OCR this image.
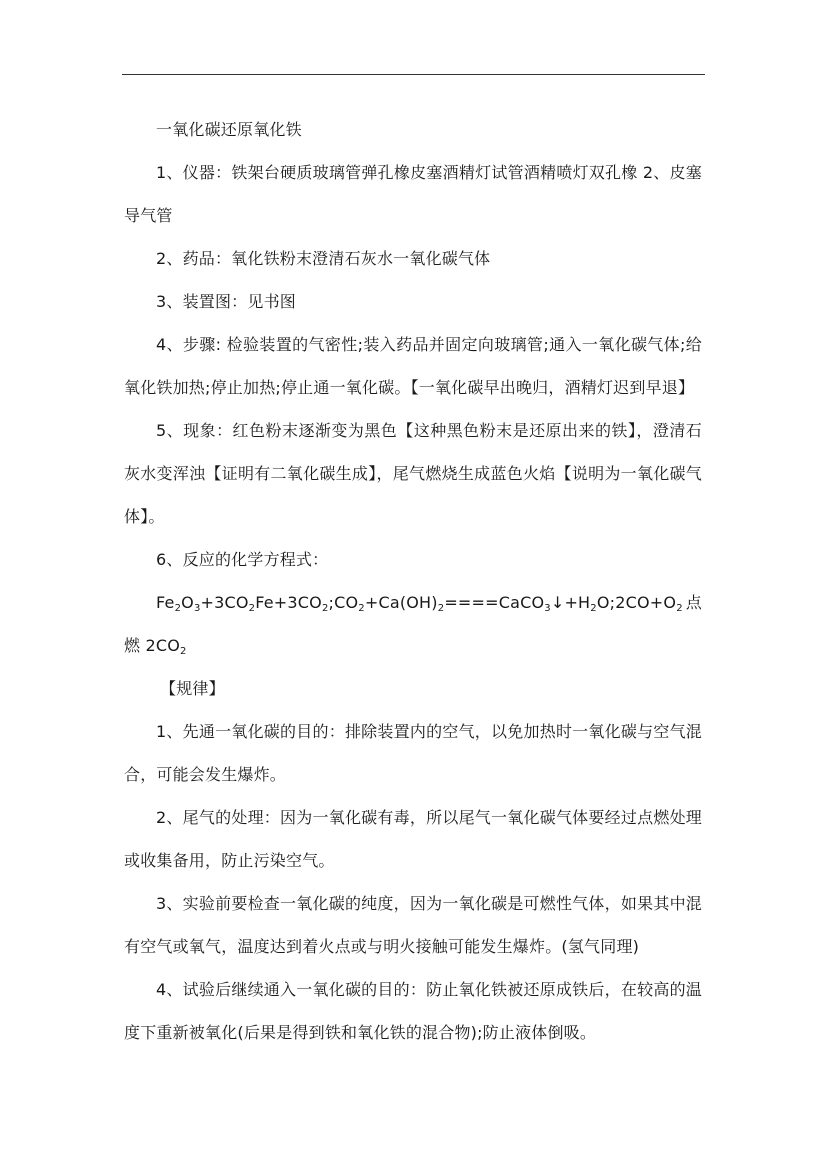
一氧化碳还原氧化铁

1、仪器：铁架台硬质玻璃管弹孔橡皮塞酒精灯试管酒精喷灯双孔橡 2、皮塞导气管

2、药品：氧化铁粉末澄清石灰水一氧化碳气体

3、装置图：见书图

4、步骤: 检验装置的气密性;装入药品并固定向玻璃管;通入一氧化碳气体;给氧化铁加热;停止加热;停止通一氧化碳。【一氧化碳早出晚归，酒精灯迟到早退】

5、现象：红色粉末逐渐变为黑色【这种黑色粉末是还原出来的铁】，澄清石灰水变浑浊【证明有二氧化碳生成】，尾气燃烧生成蓝色火焰【说明为一氧化碳气体】。

6、反应的化学方程式：

$Fe_2O_3+3CO_2Fe+3CO_2;CO_2+Ca(OH)_2====CaCO_3↓+H_2O;2CO+O_2$点燃 $2CO_2$

【规律】

1、先通一氧化碳的目的：排除装置内的空气，以免加热时一氧化碳与空气混合，可能会发生爆炸。

2、尾气的处理：因为一氧化碳有毒，所以尾气一氧化碳气体要经过点燃处理或收集备用，防止污染空气。

3、实验前要检查一氧化碳的纯度，因为一氧化碳是可燃性气体，如果其中混有空气或氧气，温度达到着火点或与明火接触可能发生爆炸。(氢气同理)

4、试验后继续通入一氧化碳的目的：防止氧化铁被还原成铁后，在较高的温度下重新被氧化(后果是得到铁和氧化铁的混合物);防止液体倒吸。
